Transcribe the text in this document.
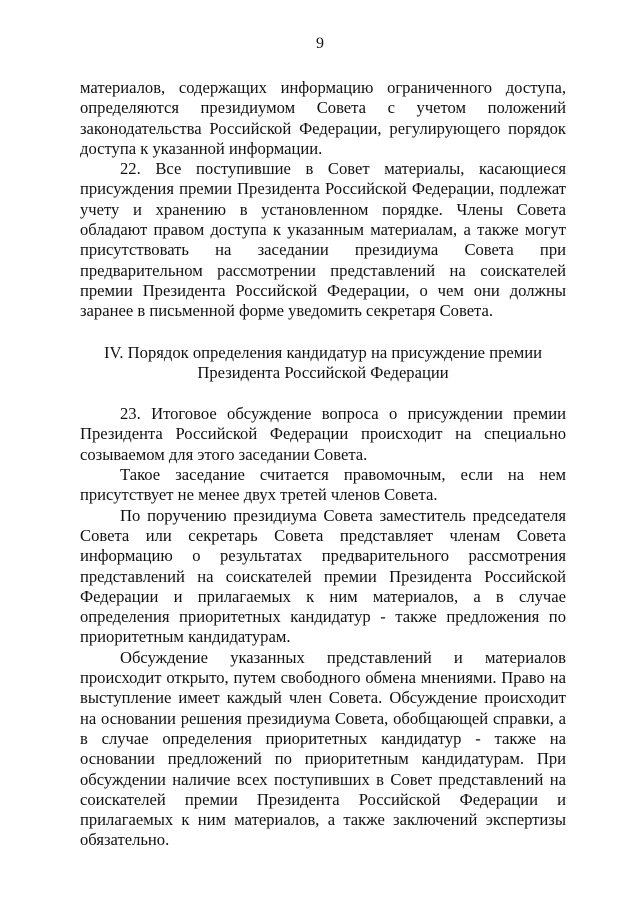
9

материалов, содержащих информацию ограниченного доступа, определяются президиумом Совета с учетом положений законодательства Российской Федерации, регулирующего порядок доступа к указанной информации.

22. Все поступившие в Совет материалы, касающиеся присуждения премии Президента Российской Федерации, подлежат учету и хранению в установленном порядке. Члены Совета обладают правом доступа к указанным материалам, а также могут присутствовать на заседании президиума Совета при предварительном рассмотрении представлений на соискателей премии Президента Российской Федерации, о чем они должны заранее в письменной форме уведомить секретаря Совета.

IV. Порядок определения кандидатур на присуждение премии
Президента Российской Федерации

23. Итоговое обсуждение вопроса о присуждении премии Президента Российской Федерации происходит на специально созываемом для этого заседании Совета.

Такое заседание считается правомочным, если на нем присутствует не менее двух третей членов Совета.

По поручению президиума Совета заместитель председателя Совета или секретарь Совета представляет членам Совета информацию о результатах предварительного рассмотрения представлений на соискателей премии Президента Российской Федерации и прилагаемых к ним материалов, а в случае определения приоритетных кандидатур - также предложения по приоритетным кандидатурам.

Обсуждение указанных представлений и материалов происходит открыто, путем свободного обмена мнениями. Право на выступление имеет каждый член Совета. Обсуждение происходит на основании решения президиума Совета, обобщающей справки, а в случае определения приоритетных кандидатур - также на основании предложений по приоритетным кандидатурам. При обсуждении наличие всех поступивших в Совет представлений на соискателей премии Президента Российской Федерации и прилагаемых к ним материалов, а также заключений экспертизы обязательно.
